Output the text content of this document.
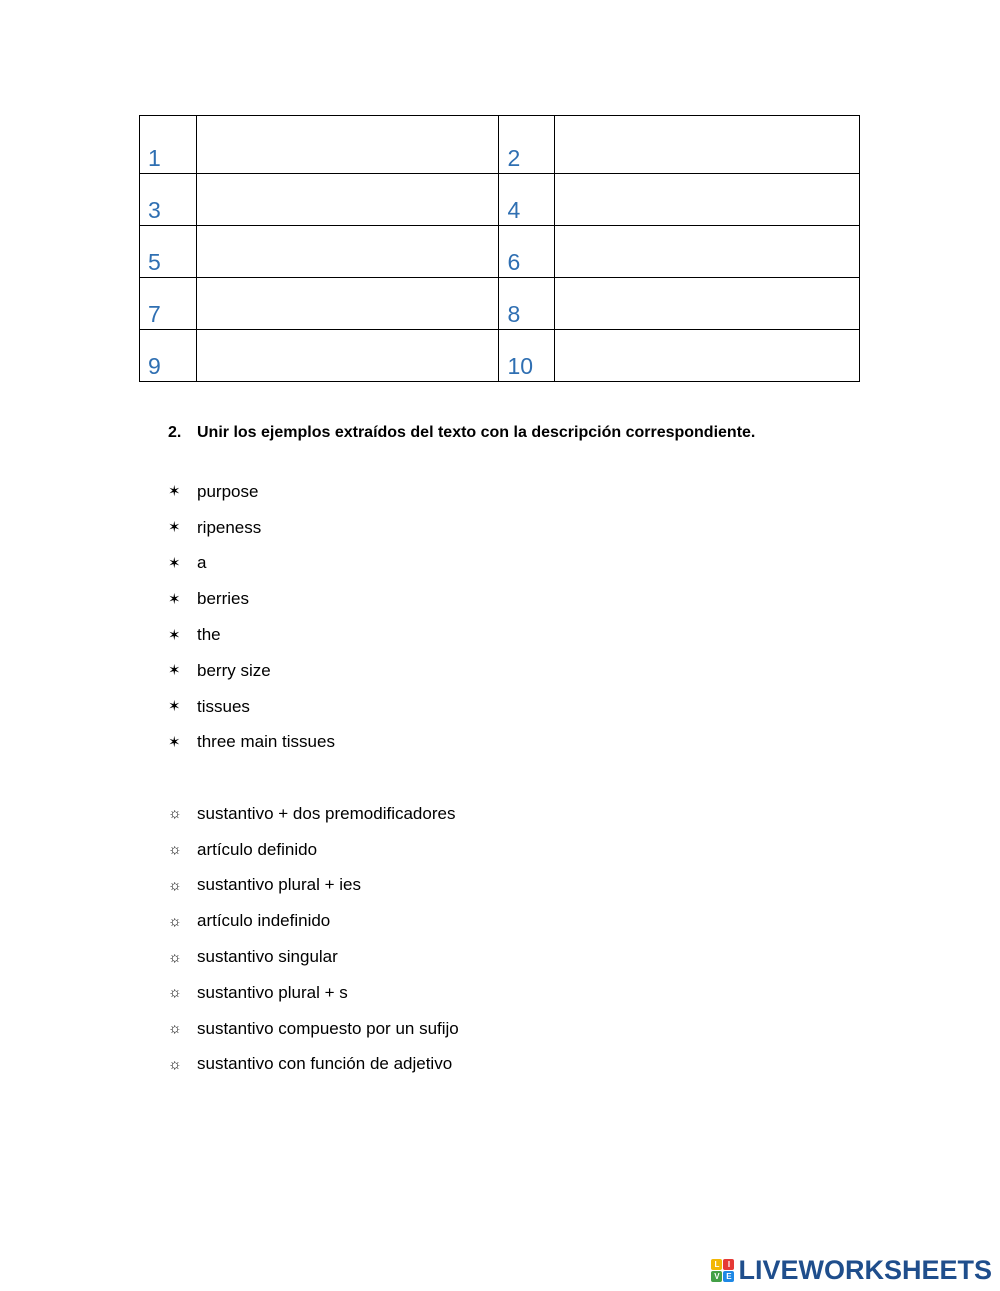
1		2	

3		4	

5		6	

7		8	

9		10	

2. Unir los ejemplos extraídos del texto con la descripción correspondiente.
✶ purpose
✶ ripeness
✶ a
✶ berries
✶ the
✶ berry size
✶ tissues
✶ three main tissues
☼ sustantivo + dos premodificadores
☼ artículo definido
☼ sustantivo plural + ies
☼ artículo indefinido
☼ sustantivo singular
☼ sustantivo plural + s
☼ sustantivo compuesto por un sufijo
☼ sustantivo con función de adjetivo
L	I
V E LIVEWORKSHEETS
